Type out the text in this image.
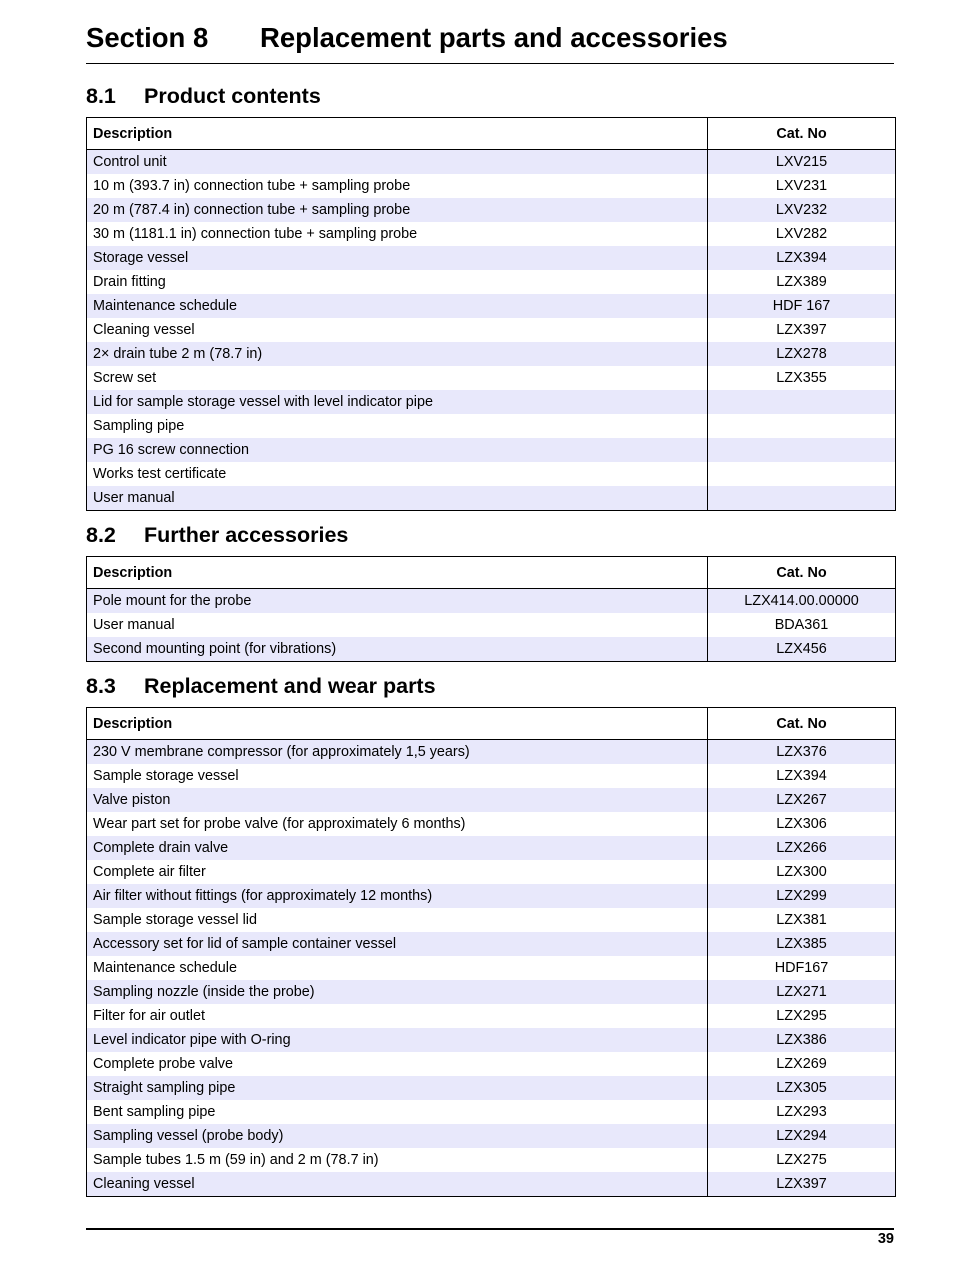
Section 8 Replacement parts and accessories
8.1 Product contents
Description	Cat. No
Control unit	LXV215
10 m (393.7 in) connection tube + sampling probe	LXV231
20 m (787.4 in) connection tube + sampling probe	LXV232
30 m (1181.1 in) connection tube + sampling probe	LXV282
Storage vessel	LZX394
Drain fitting	LZX389
Maintenance schedule	HDF 167
Cleaning vessel	LZX397
2× drain tube 2 m (78.7 in)	LZX278
Screw set	LZX355
Lid for sample storage vessel with level indicator pipe	
Sampling pipe	
PG 16 screw connection	
Works test certificate	
User manual	
8.2 Further accessories
Description	Cat. No
Pole mount for the probe	LZX414.00.00000
User manual	BDA361
Second mounting point (for vibrations)	LZX456
8.3 Replacement and wear parts
Description	Cat. No
230 V membrane compressor (for approximately 1,5 years)	LZX376
Sample storage vessel	LZX394
Valve piston	LZX267
Wear part set for probe valve (for approximately 6 months)	LZX306
Complete drain valve	LZX266
Complete air filter	LZX300
Air filter without fittings (for approximately 12 months)	LZX299
Sample storage vessel lid	LZX381
Accessory set for lid of sample container vessel	LZX385
Maintenance schedule	HDF167
Sampling nozzle (inside the probe)	LZX271
Filter for air outlet	LZX295
Level indicator pipe with O-ring	LZX386
Complete probe valve	LZX269
Straight sampling pipe	LZX305
Bent sampling pipe	LZX293
Sampling vessel (probe body)	LZX294
Sample tubes 1.5 m (59 in) and 2 m (78.7 in)	LZX275
Cleaning vessel	LZX397
39
